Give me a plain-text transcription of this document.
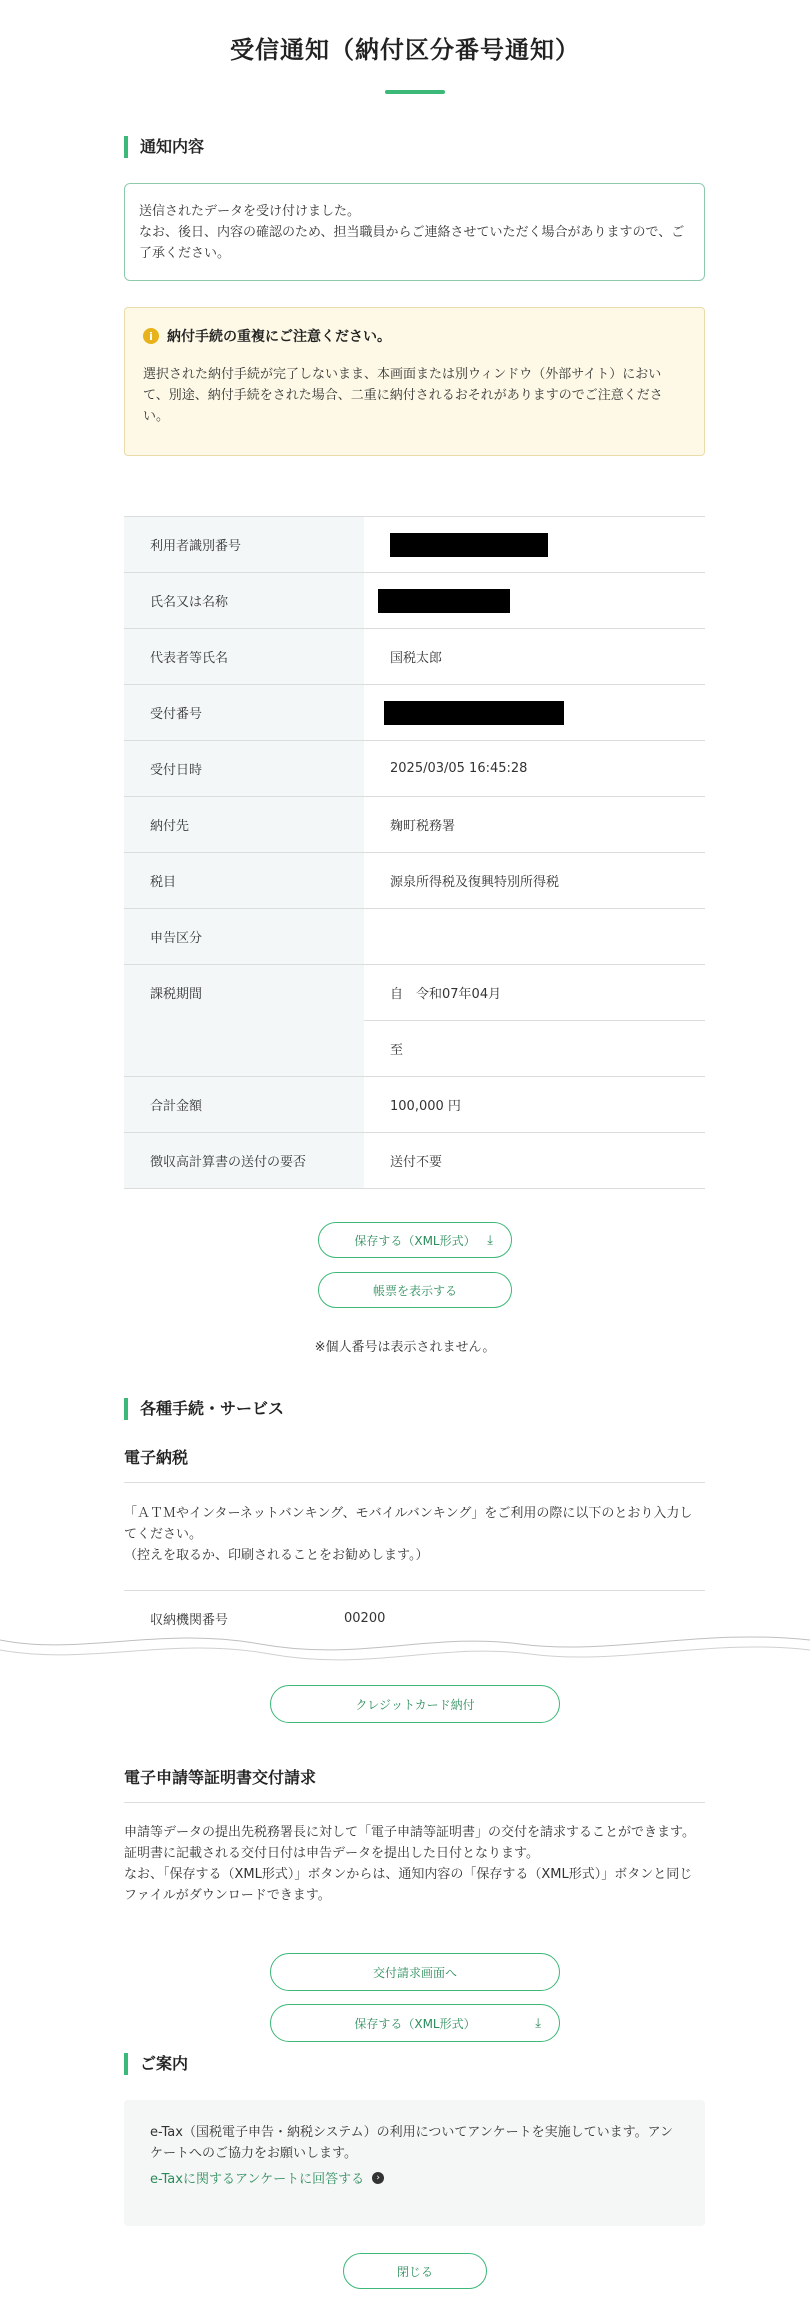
受信通知（納付区分番号通知）
通知内容
送信されたデータを受け付けました。
なお、後日、内容の確認のため、担当職員からご連絡させていただく場合がありますので、ご了承ください。
i	納付手続の重複にご注意ください。
選択された納付手続が完了しないまま、本画面または別ウィンドウ（外部サイト）において、別途、納付手続をされた場合、二重に納付されるおそれがありますのでご注意ください。
利用者識別番号
氏名又は名称
代表者等氏名	国税太郎
受付番号
受付日時	2025/03/05 16:45:28
納付先	麹町税務署
税目	源泉所得税及復興特別所得税
申告区分
課税期間	自　令和07年04月
至
合計金額	100,000 円
徴収高計算書の送付の要否	送付不要
保存する（XML形式） ⤓
帳票を表示する
※個人番号は表示されません。
各種手続・サービス
電子納税
「ＡＴＭやインターネットバンキング、モバイルバンキング」をご利用の際に以下のとおり入力してください。
（控えを取るか、印刷されることをお勧めします。）
収納機関番号	00200
クレジットカード納付
電子申請等証明書交付請求
申請等データの提出先税務署長に対して「電子申請等証明書」の交付を請求することができます。
証明書に記載される交付日付は申告データを提出した日付となります。
なお、「保存する（XML形式）」ボタンからは、通知内容の「保存する（XML形式）」ボタンと同じファイルがダウンロードできます。
交付請求画面へ
保存する（XML形式）	⤓
ご案内
e-Tax（国税電子申告・納税システム）の利用についてアンケートを実施しています。アンケートへのご協力をお願いします。
e-Taxに関するアンケートに回答する	›
閉じる
